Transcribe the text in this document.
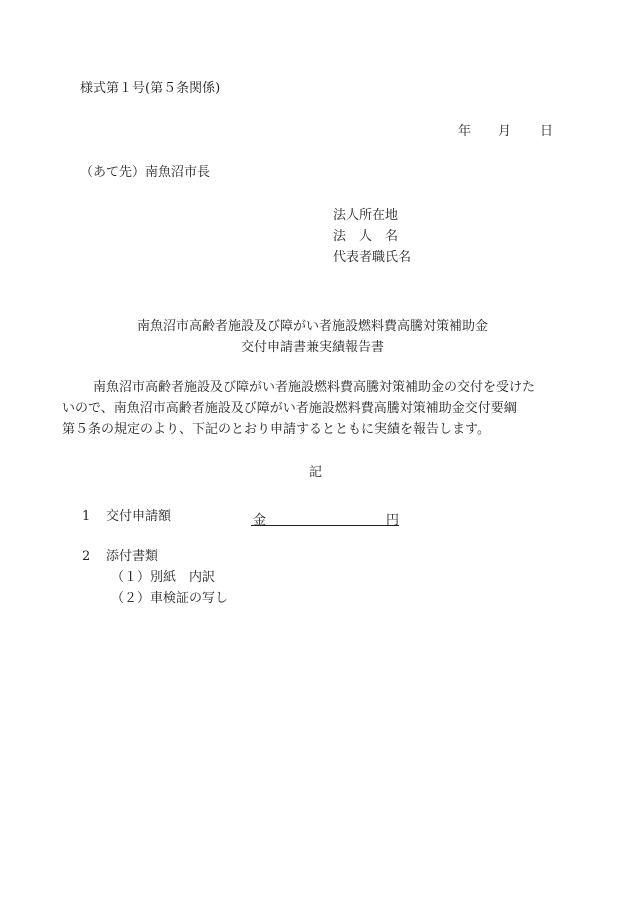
様式第１号(第５条関係)
年 月 日
（あて先）南魚沼市長
法人所在地
法　人　名
代表者職氏名
南魚沼市高齢者施設及び障がい者施設燃料費高騰対策補助金
交付申請書兼実績報告書
　南魚沼市高齢者施設及び障がい者施設燃料費高騰対策補助金の交付を受けた
いので、南魚沼市高齢者施設及び障がい者施設燃料費高騰対策補助金交付要綱
第５条の規定のより、下記のとおり申請するとともに実績を報告します。
記
1 交付申請額	金	円
2 添付書類
（１）別紙　内訳
（２）車検証の写し
